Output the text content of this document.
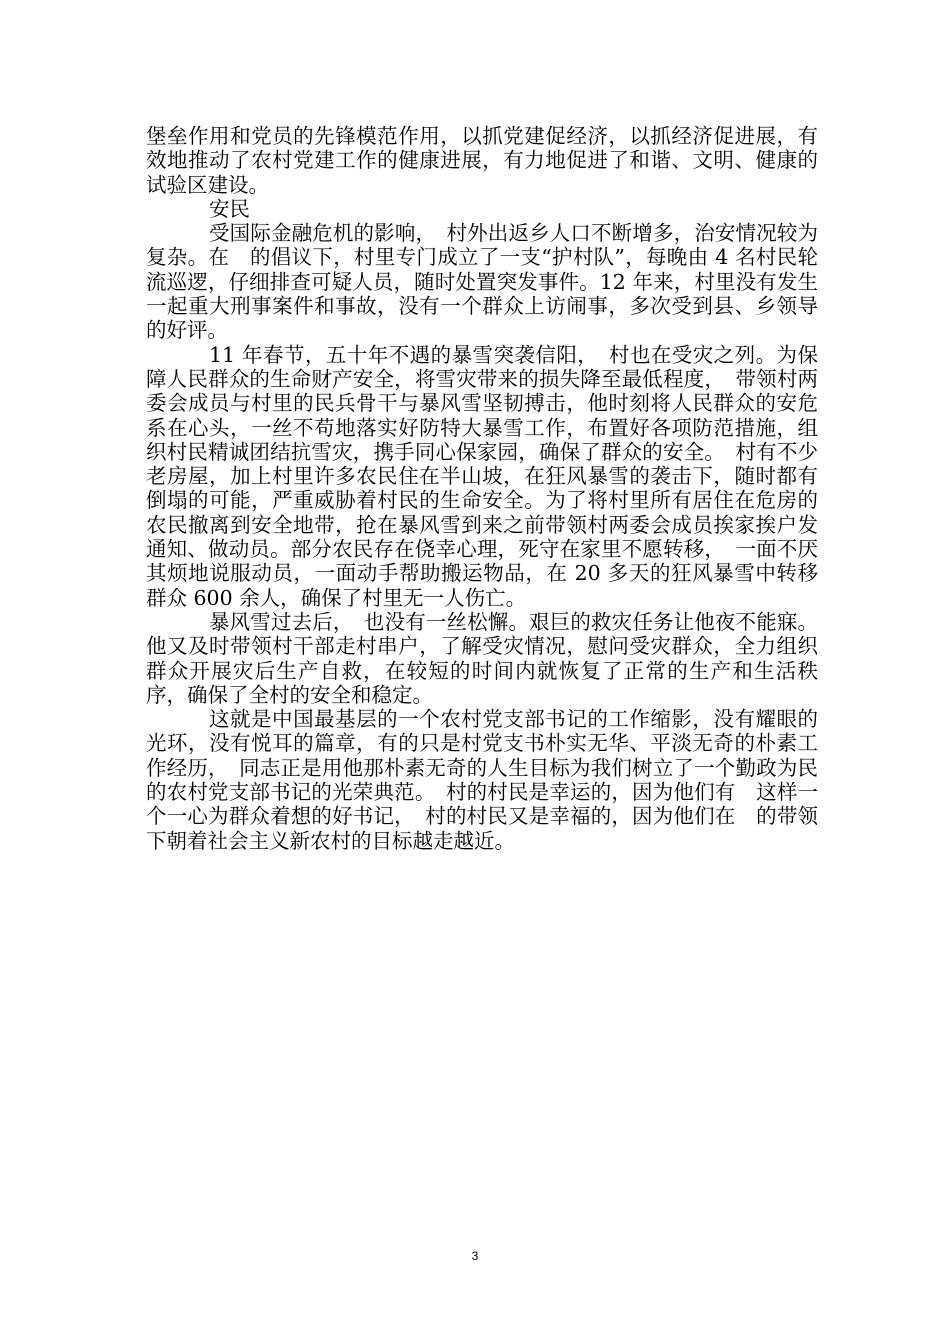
堡垒作用和党员的先锋模范作用，以抓党建促经济，以抓经济促进展，有效地推动了农村党建工作的健康进展，有力地促进了和谐、文明、健康的试验区建设。

安民

受国际金融危机的影响，　村外出返乡人口不断增多，治安情况较为复杂。在　的倡议下，村里专门成立了一支“护村队”，每晚由 4 名村民轮流巡逻，仔细排查可疑人员，随时处置突发事件。12 年来，村里没有发生一起重大刑事案件和事故，没有一个群众上访闹事，多次受到县、乡领导的好评。

11 年春节，五十年不遇的暴雪突袭信阳，　村也在受灾之列。为保障人民群众的生命财产安全，将雪灾带来的损失降至最低程度，　带领村两委会成员与村里的民兵骨干与暴风雪坚韧搏击，他时刻将人民群众的安危系在心头，一丝不苟地落实好防特大暴雪工作，布置好各项防范措施，组织村民精诚团结抗雪灾，携手同心保家园，确保了群众的安全。　村有不少老房屋，加上村里许多农民住在半山坡，在狂风暴雪的袭击下，随时都有倒塌的可能，严重威胁着村民的生命安全。为了将村里所有居住在危房的农民撤离到安全地带，抢在暴风雪到来之前带领村两委会成员挨家挨户发通知、做动员。部分农民存在侥幸心理，死守在家里不愿转移，　一面不厌其烦地说服动员，一面动手帮助搬运物品，在 20 多天的狂风暴雪中转移群众 600 余人，确保了村里无一人伤亡。

暴风雪过去后，　也没有一丝松懈。艰巨的救灾任务让他夜不能寐。他又及时带领村干部走村串户，了解受灾情况，慰问受灾群众，全力组织群众开展灾后生产自救，在较短的时间内就恢复了正常的生产和生活秩序，确保了全村的安全和稳定。

这就是中国最基层的一个农村党支部书记的工作缩影，没有耀眼的光环，没有悦耳的篇章，有的只是村党支书朴实无华、平淡无奇的朴素工作经历，　同志正是用他那朴素无奇的人生目标为我们树立了一个勤政为民的农村党支部书记的光荣典范。　村的村民是幸运的，因为他们有　这样一个一心为群众着想的好书记，　村的村民又是幸福的，因为他们在　的带领下朝着社会主义新农村的目标越走越近。

3
